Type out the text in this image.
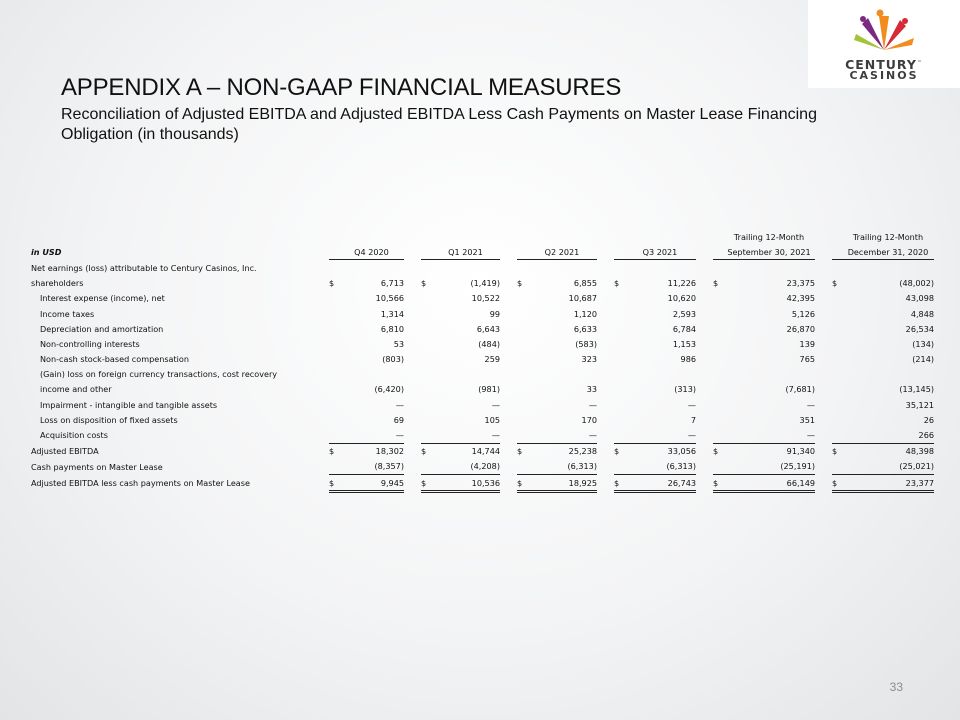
CENTURY™
CASINOS
APPENDIX A – NON-GAAP FINANCIAL MEASURES
Reconciliation of Adjusted EBITDA and Adjusted EBITDA Less Cash Payments on Master Lease Financing Obligation (in thousands)
															Trailing 12-Month			Trailing 12-Month
in USD			Q4 2020			Q1 2021			Q2 2021			Q3 2021			September 30, 2021			December 31, 2020
Net earnings (loss) attributable to Century Casinos, Inc.																		
shareholders		$	6,713		$	(1,419)		$	6,855		$	11,226		$	23,375		$	(48,002)
Interest expense (income), net			10,566			10,522			10,687			10,620			42,395			43,098
Income taxes			1,314			99			1,120			2,593			5,126			4,848
Depreciation and amortization			6,810			6,643			6,633			6,784			26,870			26,534
Non-controlling interests			53			(484)			(583)			1,153			139			(134)
Non-cash stock-based compensation			(803)			259			323			986			765			(214)
(Gain) loss on foreign currency transactions, cost recovery																		
income and other			(6,420)			(981)			33			(313)			(7,681)			(13,145)
Impairment - intangible and tangible assets			—			—			—			—			—			35,121
Loss on disposition of fixed assets			69			105			170			7			351			26
Acquisition costs			—			—			—			—			—			266
Adjusted EBITDA		$	18,302		$	14,744		$	25,238		$	33,056		$	91,340		$	48,398
Cash payments on Master Lease			(8,357)			(4,208)			(6,313)			(6,313)			(25,191)			(25,021)
Adjusted EBITDA less cash payments on Master Lease		$	9,945		$	10,536		$	18,925		$	26,743		$	66,149		$	23,377
33
